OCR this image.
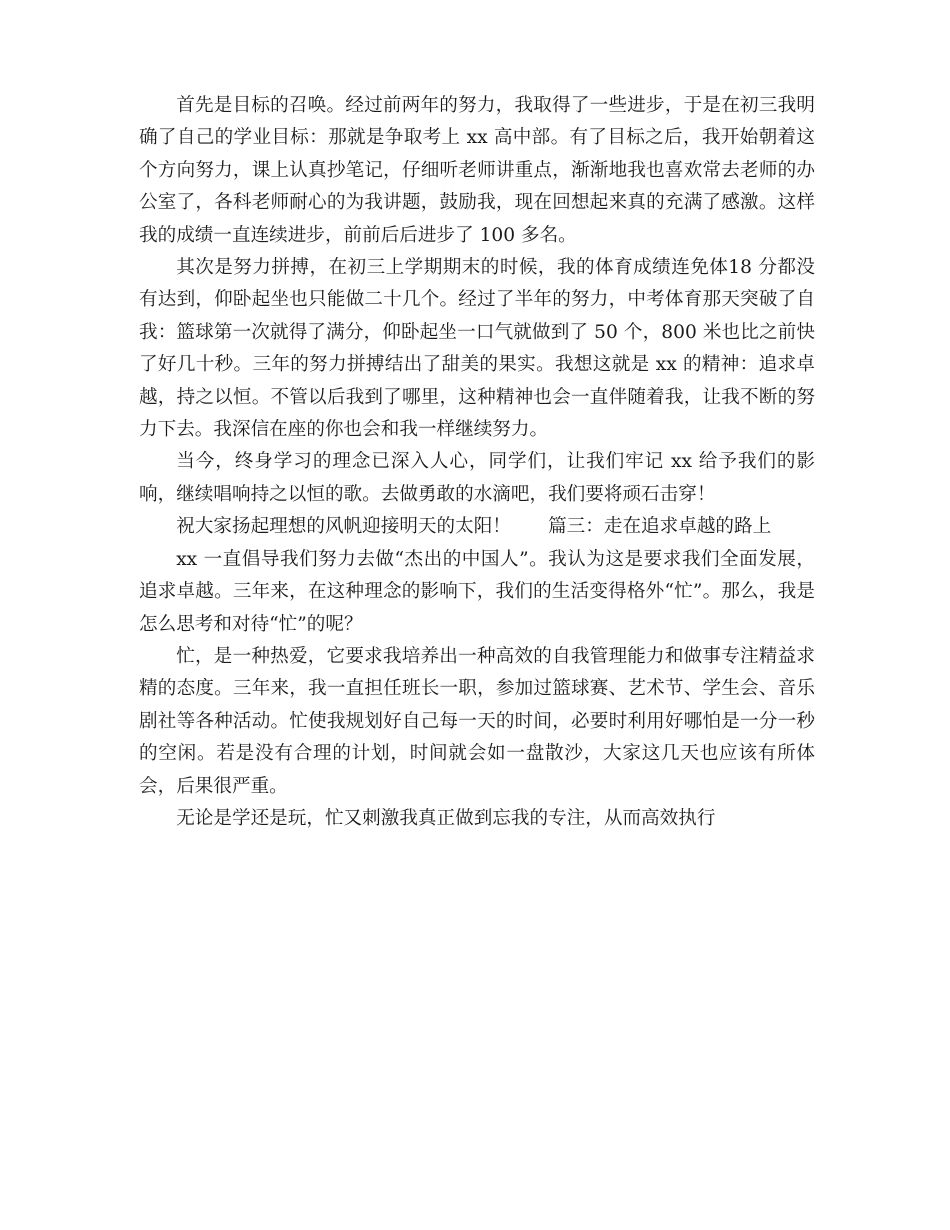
首先是目标的召唤。经过前两年的努力，我取得了一些进步，于是在初三我明确了自己的学业目标：那就是争取考上 xx 高中部。有了目标之后，我开始朝着这个方向努力，课上认真抄笔记，仔细听老师讲重点，渐渐地我也喜欢常去老师的办公室了，各科老师耐心的为我讲题，鼓励我，现在回想起来真的充满了感激。这样我的成绩一直连续进步，前前后后进步了 100 多名。

其次是努力拼搏，在初三上学期期末的时候，我的体育成绩连免体18 分都没有达到，仰卧起坐也只能做二十几个。经过了半年的努力，中考体育那天突破了自我：篮球第一次就得了满分，仰卧起坐一口气就做到了 50 个，800 米也比之前快了好几十秒。三年的努力拼搏结出了甜美的果实。我想这就是 xx 的精神：追求卓越，持之以恒。不管以后我到了哪里，这种精神也会一直伴随着我，让我不断的努力下去。我深信在座的你也会和我一样继续努力。

当今，终身学习的理念已深入人心，同学们，让我们牢记 xx 给予我们的影响，继续唱响持之以恒的歌。去做勇敢的水滴吧，我们要将顽石击穿！

祝大家扬起理想的风帆迎接明天的太阳！　　篇三：走在追求卓越的路上

xx 一直倡导我们努力去做“杰出的中国人”。我认为这是要求我们全面发展，追求卓越。三年来，在这种理念的影响下，我们的生活变得格外“忙”。那么，我是怎么思考和对待“忙”的呢？

忙，是一种热爱，它要求我培养出一种高效的自我管理能力和做事专注精益求精的态度。三年来，我一直担任班长一职，参加过篮球赛、艺术节、学生会、音乐剧社等各种活动。忙使我规划好自己每一天的时间，必要时利用好哪怕是一分一秒的空闲。若是没有合理的计划，时间就会如一盘散沙，大家这几天也应该有所体会，后果很严重。

无论是学还是玩，忙又刺激我真正做到忘我的专注，从而高效执行
